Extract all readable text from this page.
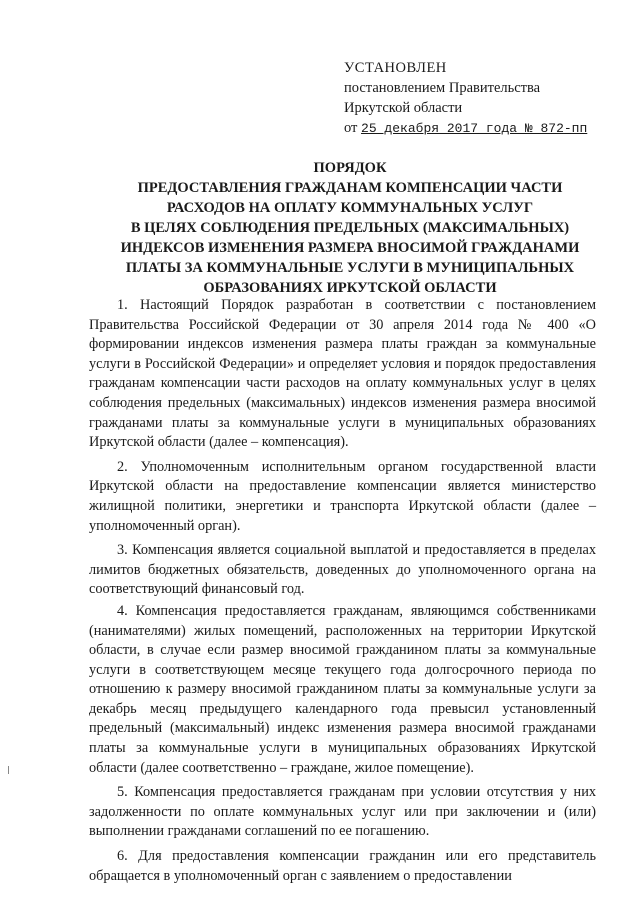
УСТАНОВЛЕН
постановлением Правительства
Иркутской области
от 25 декабря 2017 года № 872-пп
ПОРЯДОК
ПРЕДОСТАВЛЕНИЯ ГРАЖДАНАМ КОМПЕНСАЦИИ ЧАСТИ
РАСХОДОВ НА ОПЛАТУ КОММУНАЛЬНЫХ УСЛУГ
В ЦЕЛЯХ СОБЛЮДЕНИЯ ПРЕДЕЛЬНЫХ (МАКСИМАЛЬНЫХ)
ИНДЕКСОВ ИЗМЕНЕНИЯ РАЗМЕРА ВНОСИМОЙ ГРАЖДАНАМИ
ПЛАТЫ ЗА КОММУНАЛЬНЫЕ УСЛУГИ В МУНИЦИПАЛЬНЫХ
ОБРАЗОВАНИЯХ ИРКУТСКОЙ ОБЛАСТИ

1. Настоящий Порядок разработан в соответствии с постановлением Правительства Российской Федерации от 30 апреля 2014 года № 400 «О формировании индексов изменения размера платы граждан за коммунальные услуги в Российской Федерации» и определяет условия и порядок предоставления гражданам компенсации части расходов на оплату коммунальных услуг в целях соблюдения предельных (максимальных) индексов изменения размера вносимой гражданами платы за коммунальные услуги в муниципальных образованиях Иркутской области (далее – компенсация).

2. Уполномоченным исполнительным органом государственной власти Иркутской области на предоставление компенсации является министерство жилищной политики, энергетики и транспорта Иркутской области (далее – уполномоченный орган).

3. Компенсация является социальной выплатой и предоставляется в пределах лимитов бюджетных обязательств, доведенных до уполномоченного органа на соответствующий финансовый год.

4. Компенсация предоставляется гражданам, являющимся собственниками (нанимателями) жилых помещений, расположенных на территории Иркутской области, в случае если размер вносимой гражданином платы за коммунальные услуги в соответствующем месяце текущего года долгосрочного периода по отношению к размеру вносимой гражданином платы за коммунальные услуги за декабрь месяц предыдущего календарного года превысил установленный предельный (максимальный) индекс изменения размера вносимой гражданами платы за коммунальные услуги в муниципальных образованиях Иркутской области (далее соответственно – граждане, жилое помещение).

5. Компенсация предоставляется гражданам при условии отсутствия у них задолженности по оплате коммунальных услуг или при заключении и (или) выполнении гражданами соглашений по ее погашению.

6. Для предоставления компенсации гражданин или его представитель обращается в уполномоченный орган с заявлением о предоставлении
